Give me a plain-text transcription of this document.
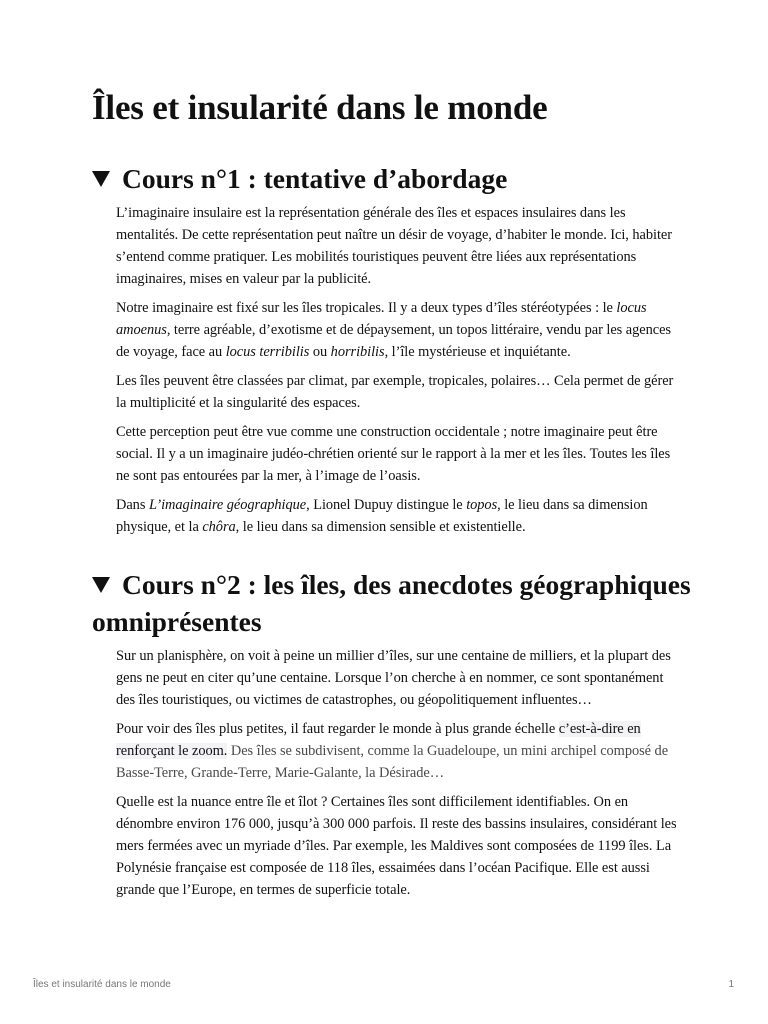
Îles et insularité dans le monde
Cours n°1 : tentative d’abordage

L’imaginaire insulaire est la représentation générale des îles et espaces insulaires dans les mentalités. De cette représentation peut naître un désir de voyage, d’habiter le monde. Ici, habiter s’entend comme pratiquer. Les mobilités touristiques peuvent être liées aux représentations imaginaires, mises en valeur par la publicité.

Notre imaginaire est fixé sur les îles tropicales. Il y a deux types d’îles stéréotypées : le locus amoenus, terre agréable, d’exotisme et de dépaysement, un topos littéraire, vendu par les agences de voyage, face au locus terribilis ou horribilis, l’île mystérieuse et inquiétante.

Les îles peuvent être classées par climat, par exemple, tropicales, polaires… Cela permet de gérer la multiplicité et la singularité des espaces.

Cette perception peut être vue comme une construction occidentale ; notre imaginaire peut être social. Il y a un imaginaire judéo-chrétien orienté sur le rapport à la mer et les îles. Toutes les îles ne sont pas entourées par la mer, à l’image de l’oasis.

Dans L’imaginaire géographique, Lionel Dupuy distingue le topos, le lieu dans sa dimension physique, et la chôra, le lieu dans sa dimension sensible et existentielle.

Cours n°2 : les îles, des anecdotes géographiques omniprésentes

Sur un planisphère, on voit à peine un millier d’îles, sur une centaine de milliers, et la plupart des gens ne peut en citer qu’une centaine. Lorsque l’on cherche à en nommer, ce sont spontanément des îles touristiques, ou victimes de catastrophes, ou géopolitiquement influentes…

Pour voir des îles plus petites, il faut regarder le monde à plus grande échelle c’est-à-dire en renforçant le zoom. Des îles se subdivisent, comme la Guadeloupe, un mini archipel composé de Basse-Terre, Grande-Terre, Marie-Galante, la Désirade…

Quelle est la nuance entre île et îlot ? Certaines îles sont difficilement identifiables. On en dénombre environ 176 000, jusqu’à 300 000 parfois. Il reste des bassins insulaires, considérant les mers fermées avec un myriade d’îles. Par exemple, les Maldives sont composées de 1199 îles. La Polynésie française est composée de 118 îles, essaimées dans l’océan Pacifique. Elle est aussi grande que l’Europe, en termes de superficie totale.

Îles et insularité dans le monde	1
